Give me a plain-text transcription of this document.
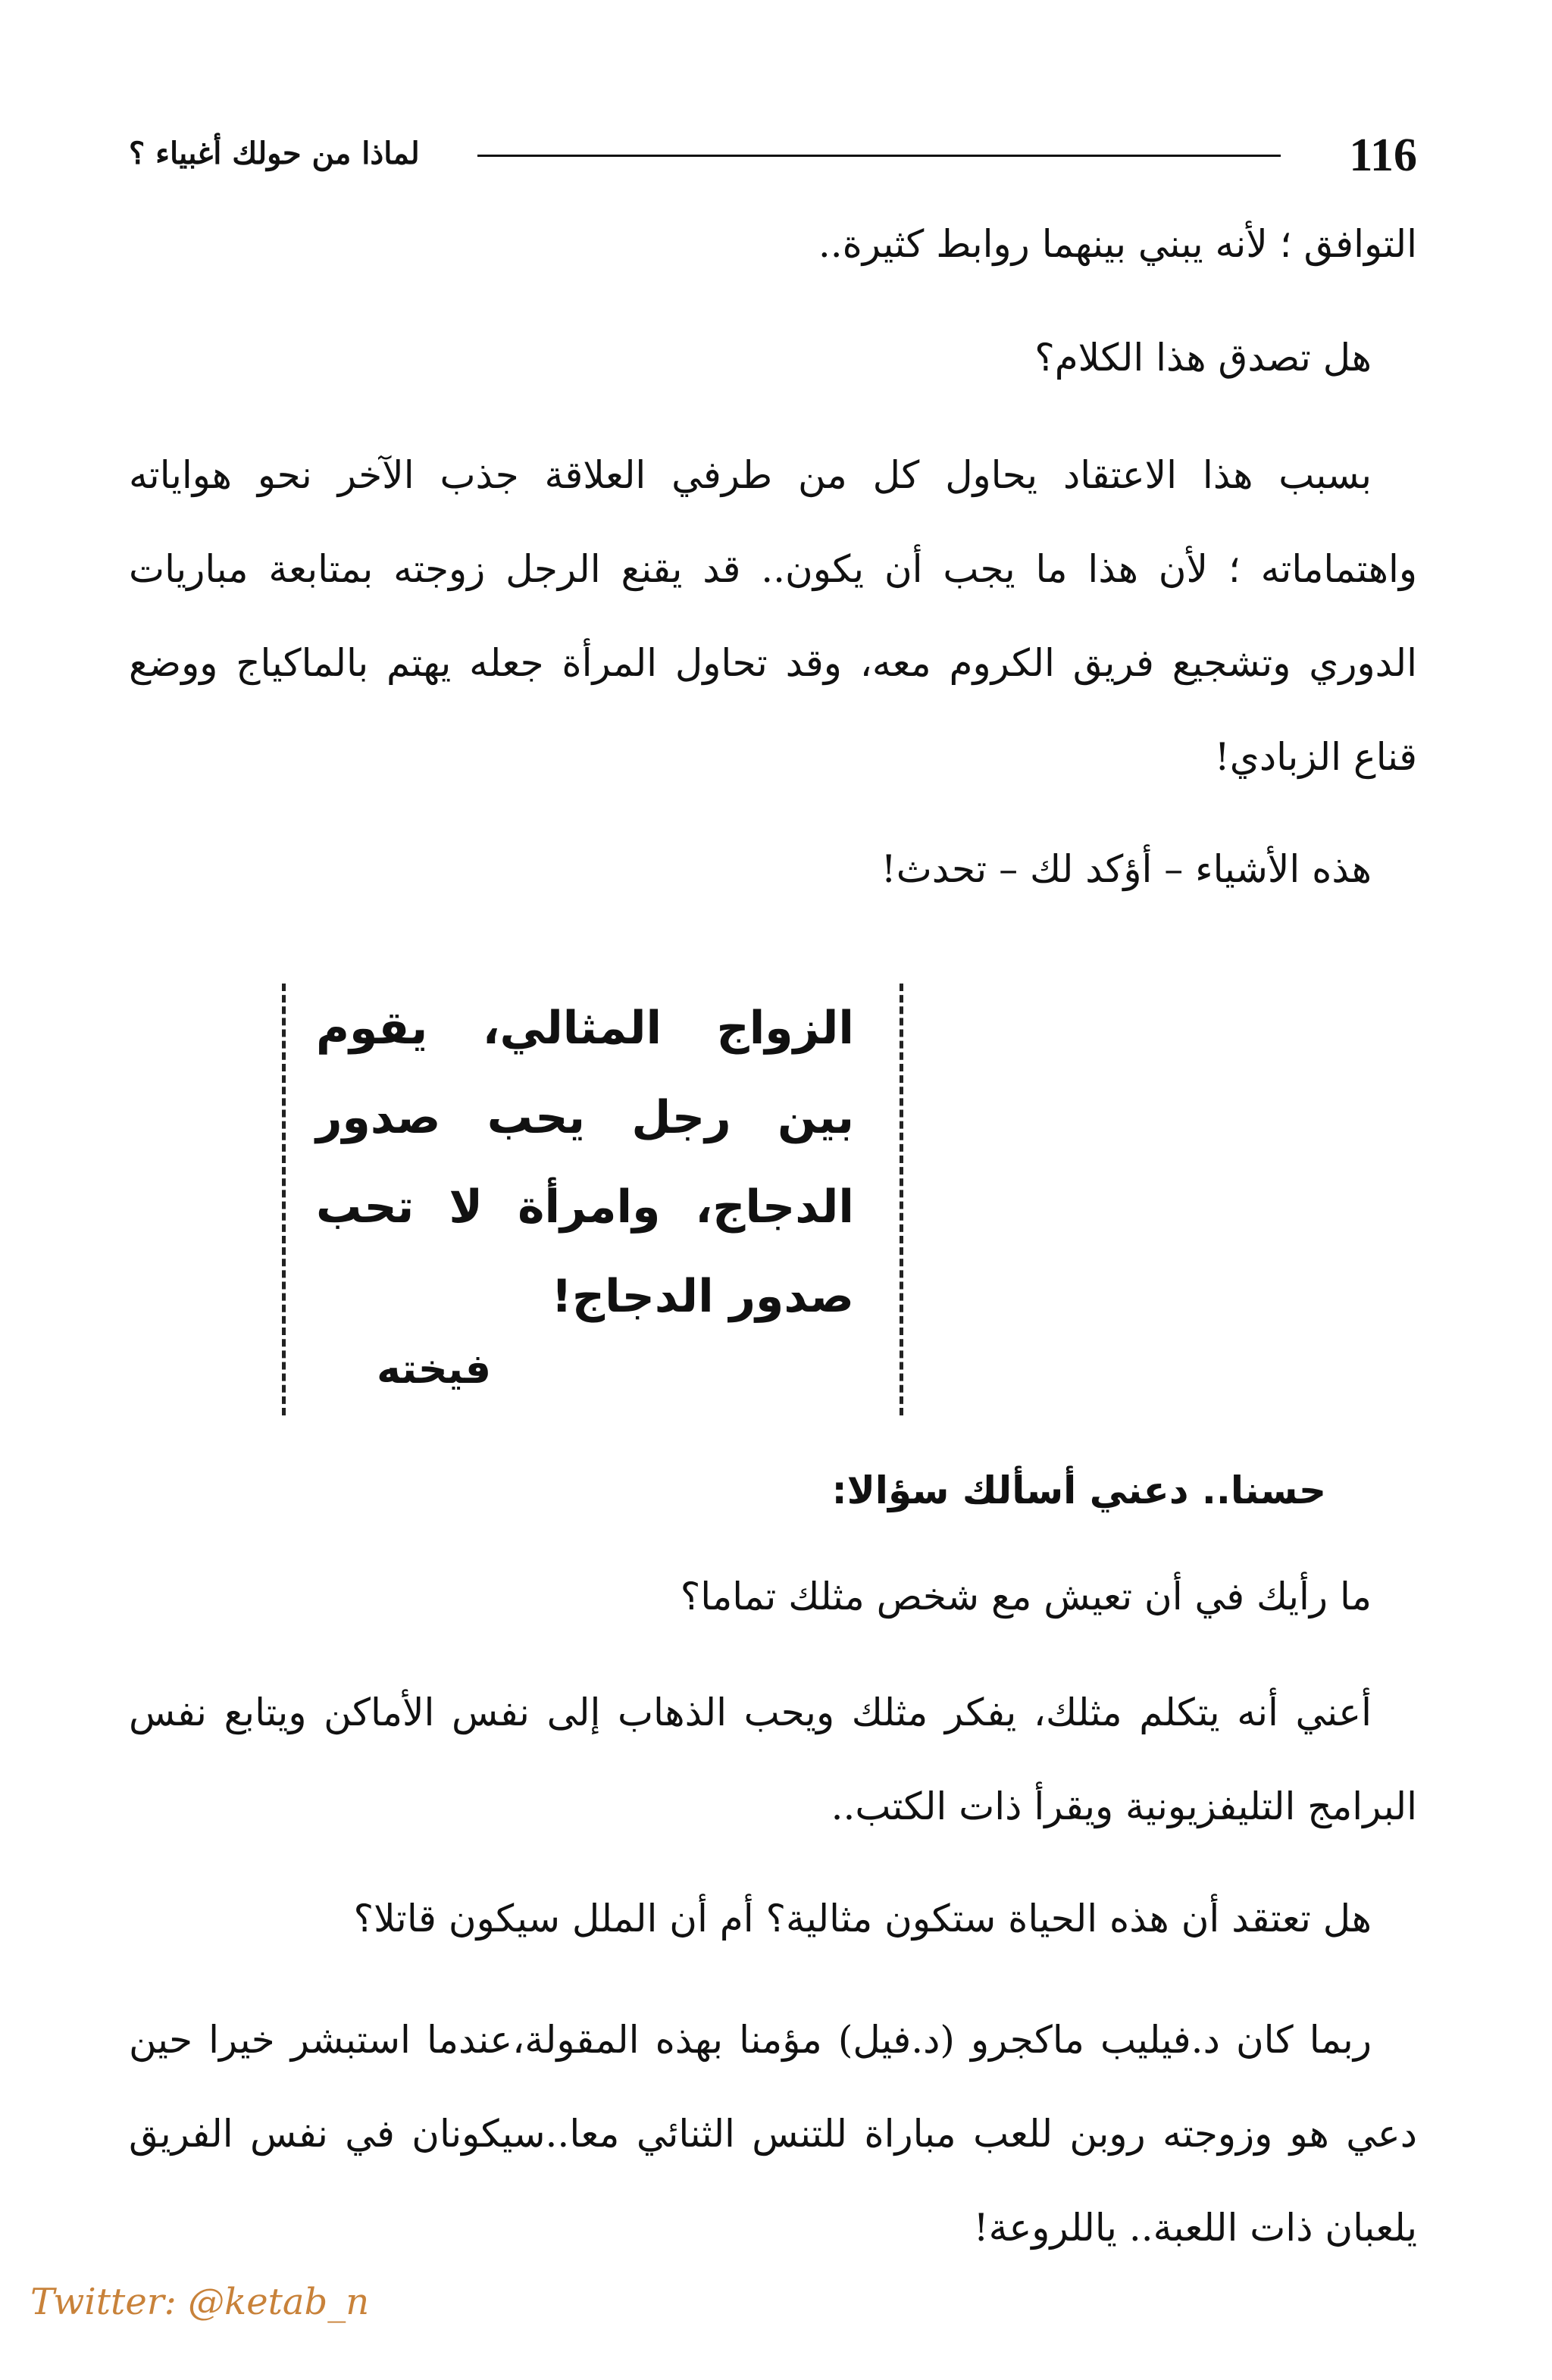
لماذا من حولك أغبياء ؟	116
التوافق ؛ لأنه يبني بينهما روابط كثيرة..
هل تصدق هذا الكلام؟
بسبب هذا الاعتقاد يحاول كل من طرفي العلاقة جذب الآخر نحو هواياته واهتماماته ؛ لأن هذا ما يجب أن يكون.. قد يقنع الرجل زوجته بمتابعة مباريات الدوري وتشجيع فريق الكروم معه، وقد تحاول المرأة جعله يهتم بالماكياج ووضع قناع الزبادي!
هذه الأشياء – أؤكد لك – تحدث!
الزواج المثالي، يقوم بين رجل يحب صدور الدجاج، وامرأة لا تحب صدور الدجاج!
فيخته
حسنا.. دعني أسألك سؤالا:
ما رأيك في أن تعيش مع شخص مثلك تماما؟
أعني أنه يتكلم مثلك، يفكر مثلك ويحب الذهاب إلى نفس الأماكن ويتابع نفس البرامج التليفزيونية ويقرأ ذات الكتب..
هل تعتقد أن هذه الحياة ستكون مثالية؟ أم أن الملل سيكون قاتلا؟
ربما كان د.فيليب ماكجرو (د.فيل) مؤمنا بهذه المقولة،عندما استبشر خيرا حين دعي هو وزوجته روبن للعب مباراة للتنس الثنائي معا..سيكونان في نفس الفريق يلعبان ذات اللعبة.. ياللروعة!
Twitter: @ketab_n
